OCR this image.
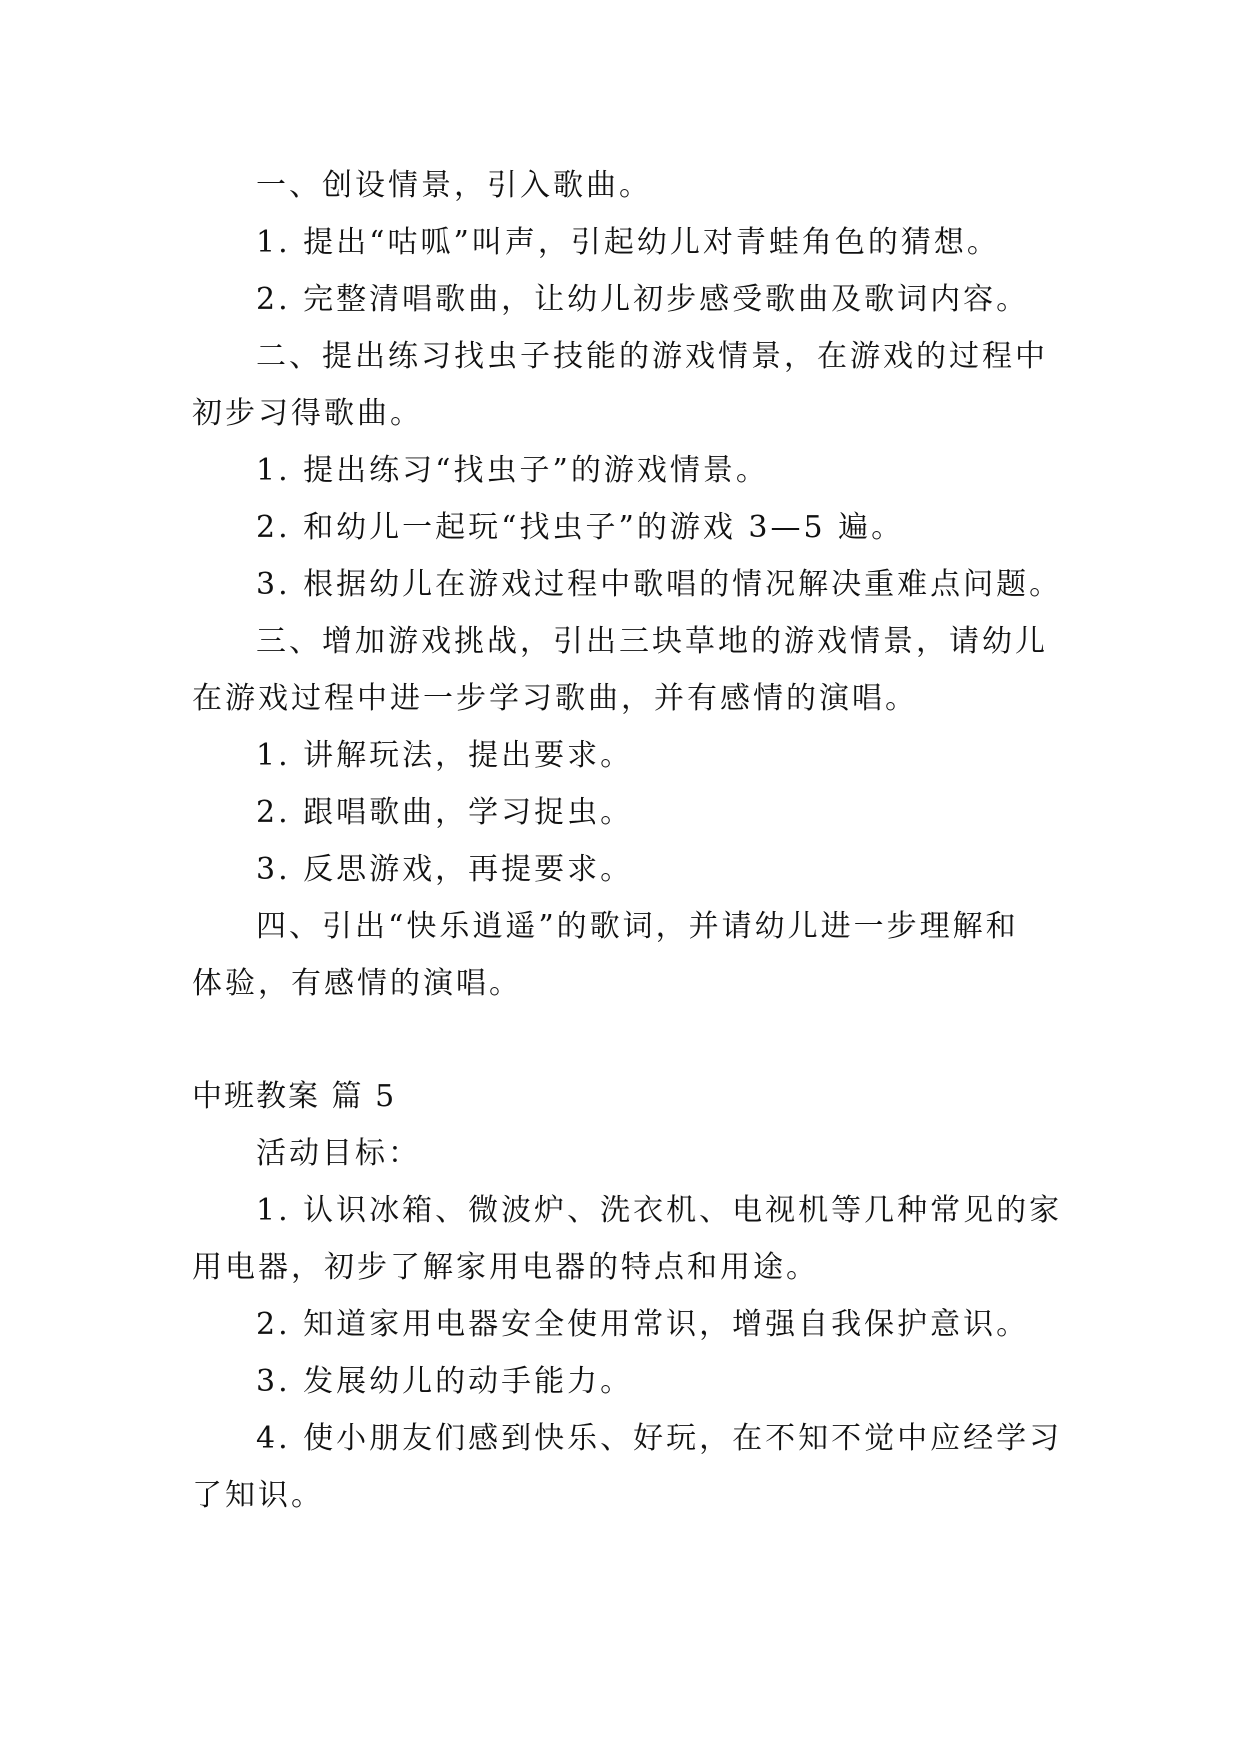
一、创设情景，引入歌曲。
1. 提出“咕呱”叫声，引起幼儿对青蛙角色的猜想。
2. 完整清唱歌曲，让幼儿初步感受歌曲及歌词内容。
二、提出练习找虫子技能的游戏情景，在游戏的过程中
初步习得歌曲。
1. 提出练习“找虫子”的游戏情景。
2. 和幼儿一起玩“找虫子”的游戏 3—5 遍。
3. 根据幼儿在游戏过程中歌唱的情况解决重难点问题。
三、增加游戏挑战，引出三块草地的游戏情景，请幼儿
在游戏过程中进一步学习歌曲，并有感情的演唱。
1. 讲解玩法，提出要求。
2. 跟唱歌曲，学习捉虫。
3. 反思游戏，再提要求。
四、引出“快乐逍遥”的歌词，并请幼儿进一步理解和
体验，有感情的演唱。
中班教案 篇 5
活动目标：
1. 认识冰箱、微波炉、洗衣机、电视机等几种常见的家
用电器，初步了解家用电器的特点和用途。
2. 知道家用电器安全使用常识，增强自我保护意识。
3. 发展幼儿的动手能力。
4. 使小朋友们感到快乐、好玩，在不知不觉中应经学习
了知识。
